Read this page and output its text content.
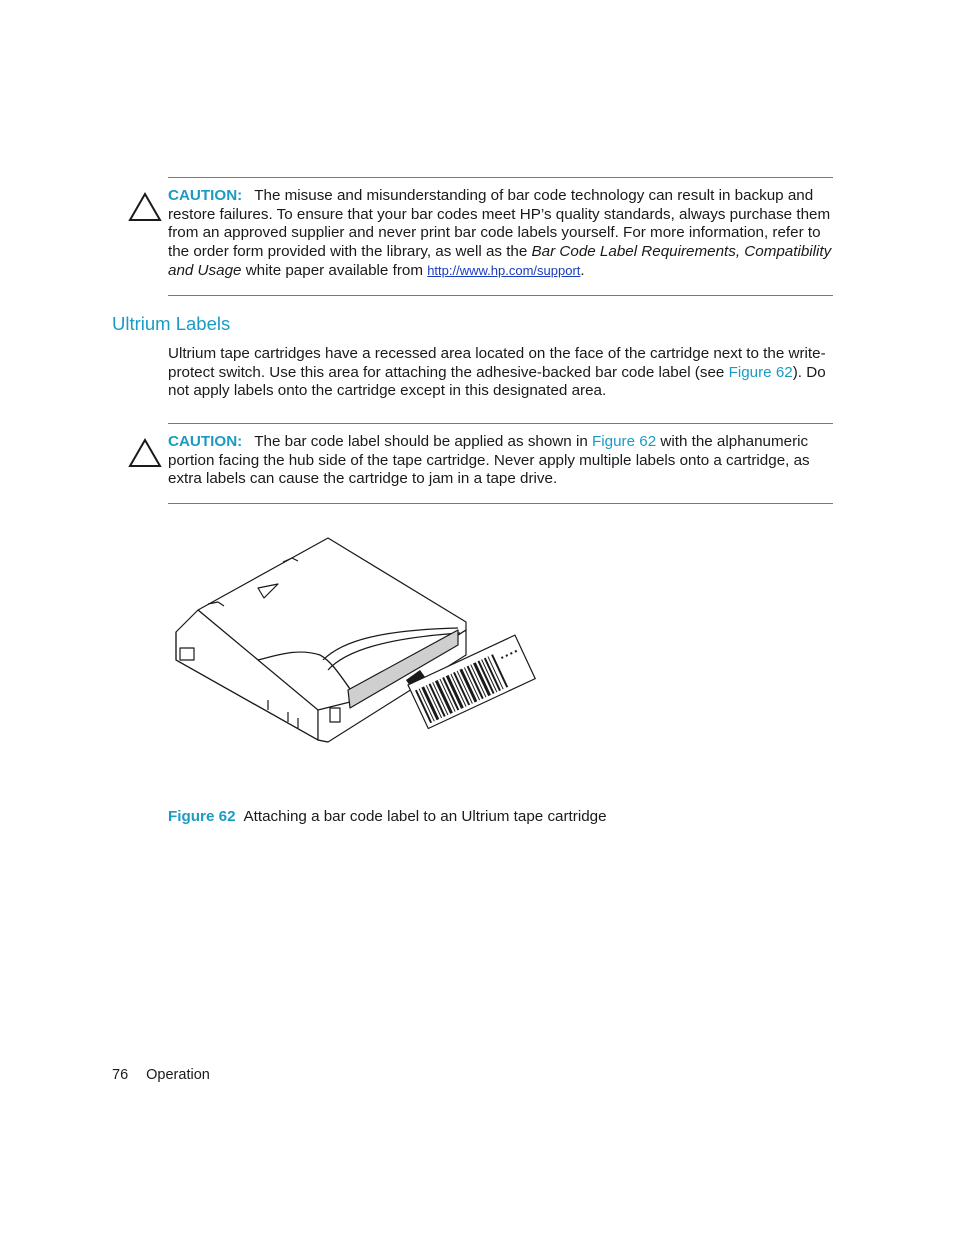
CAUTION: The misuse and misunderstanding of bar code technology can result in backup and restore failures. To ensure that your bar codes meet HP’s quality standards, always purchase them from an approved supplier and never print bar code labels yourself. For more information, refer to the order form provided with the library, as well as the Bar Code Label Requirements, Compatibility and Usage white paper available from http://www.hp.com/support.
Ultrium Labels
Ultrium tape cartridges have a recessed area located on the face of the cartridge next to the write-protect switch. Use this area for attaching the adhesive-backed bar code label (see Figure 62). Do not apply labels onto the cartridge except in this designated area.
CAUTION: The bar code label should be applied as shown in Figure 62 with the alphanumeric portion facing the hub side of the tape cartridge. Never apply multiple labels onto a cartridge, as extra labels can cause the cartridge to jam in a tape drive.
Figure 62 Attaching a bar code label to an Ultrium tape cartridge
76 Operation
